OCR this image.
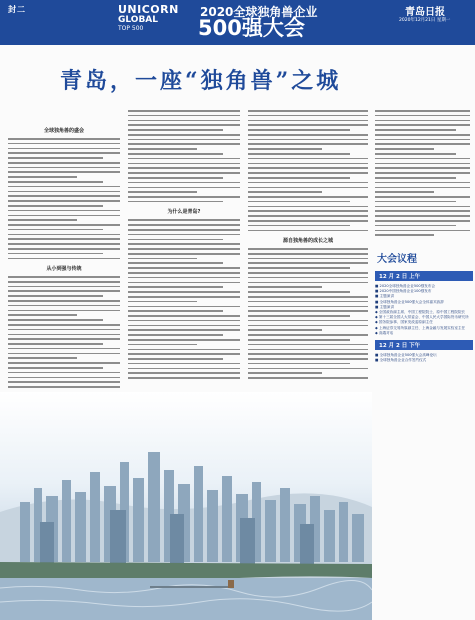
封二	UNICORN
GLOBAL
TOP 500
2020全球独角兽企业
500强大会
青岛日报
2020年12月21日 星期一
青岛，一座“独角兽”之城
全球独角兽的盛会
从小到强与传统
为什么是青岛?
源自独角兽的成长之城
大会议程
12 月 2 日 上午
■ 2020全球独角兽企业500强发布会
■ 2020中国独角兽企业100强发布
■ 主题演讲
■ 全球独角兽企业500强大会全体嘉宾致辞
■ 主题演讲
◆ 全国政协副主席、中国工程院院士、原中国工程院院长
◆ 第十三届全国人大常委会、中国人民大学国际货币研究所
◆ 国务院参事、国家发改委原副主任
◆ 上海证券交易所原副主任、上海金融与发展实验室主任
◆ 高端对话
12 月 2 日 下午
■ 全球独角兽企业500强大会高峰论坛
■ 全球独角兽企业合作签约仪式
